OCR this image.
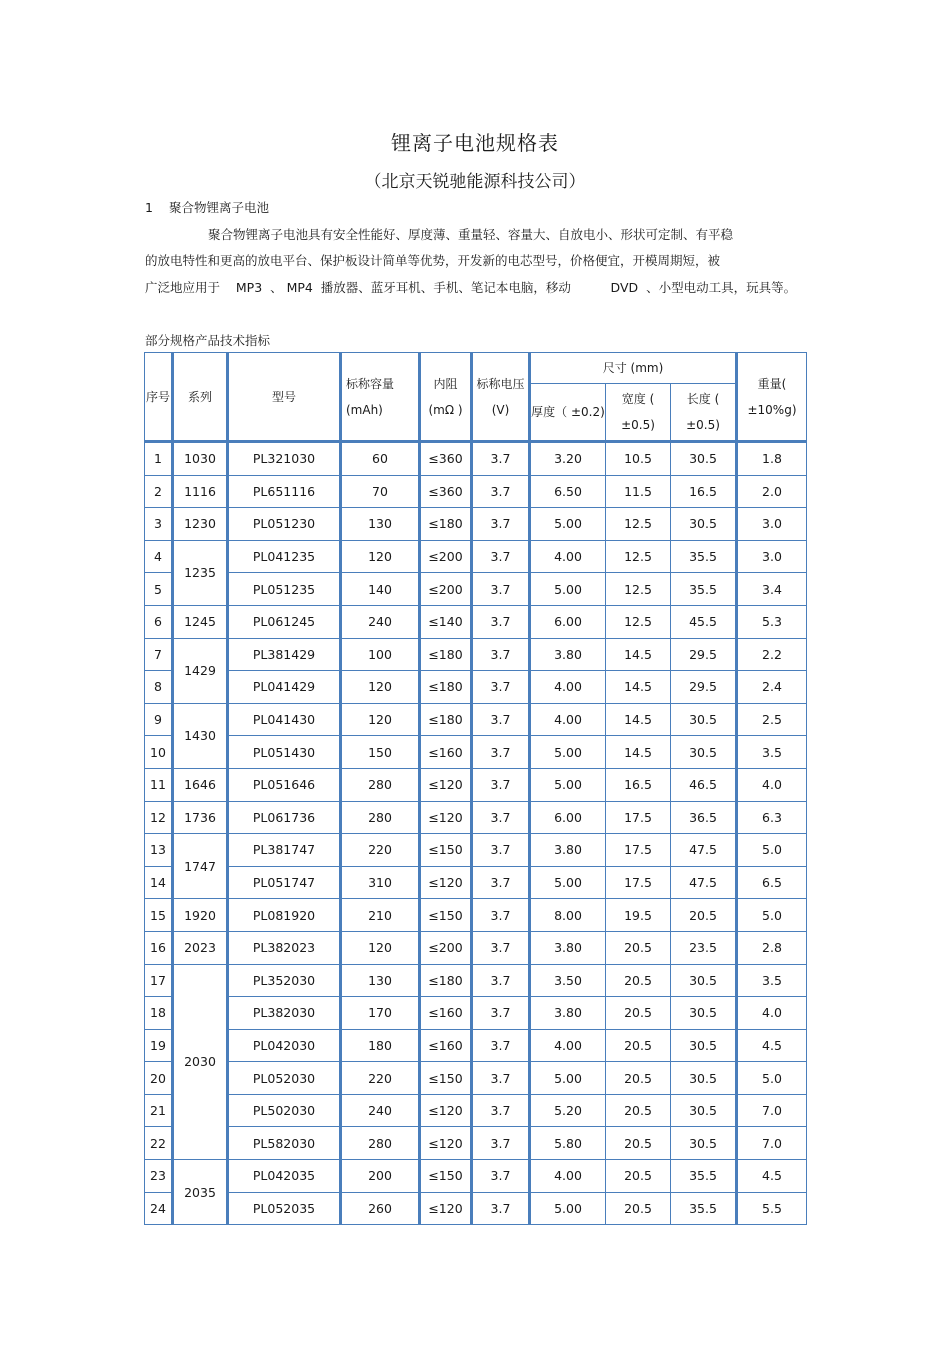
锂离子电池规格表
（北京天锐驰能源科技公司）
1 聚合物锂离子电池
聚合物锂离子电池具有安全性能好、厚度薄、重量轻、容量大、自放电小、形状可定制、有平稳
的放电特性和更高的放电平台、保护板设计简单等优势，开发新的电芯型号，价格便宜，开模周期短，被
广泛地应用于    MP3  、 MP4  播放器、蓝牙耳机、手机、笔记本电脑，移动          DVD  、小型电动工具，玩具等。
部分规格产品技术指标
序号	系列	型号	标称容量(mAh)	内阻(mΩ )	标称电压(V)	尺寸 (mm)			重量( ±10%g)
						厚度（ ±0.2)	宽度 ( ±0.5)	长度 ( ±0.5)	
1	1030	PL321030	60	≤360	3.7	3.20	10.5	30.5	1.8
2	1116	PL651116	70	≤360	3.7	6.50	11.5	16.5	2.0
3	1230	PL051230	130	≤180	3.7	5.00	12.5	30.5	3.0
4	1235	PL041235	120	≤200	3.7	4.00	12.5	35.5	3.0
5		PL051235	140	≤200	3.7	5.00	12.5	35.5	3.4
6	1245	PL061245	240	≤140	3.7	6.00	12.5	45.5	5.3
7	1429	PL381429	100	≤180	3.7	3.80	14.5	29.5	2.2
8		PL041429	120	≤180	3.7	4.00	14.5	29.5	2.4
9	1430	PL041430	120	≤180	3.7	4.00	14.5	30.5	2.5
10		PL051430	150	≤160	3.7	5.00	14.5	30.5	3.5
11	1646	PL051646	280	≤120	3.7	5.00	16.5	46.5	4.0
12	1736	PL061736	280	≤120	3.7	6.00	17.5	36.5	6.3
13	1747	PL381747	220	≤150	3.7	3.80	17.5	47.5	5.0
14		PL051747	310	≤120	3.7	5.00	17.5	47.5	6.5
15	1920	PL081920	210	≤150	3.7	8.00	19.5	20.5	5.0
16	2023	PL382023	120	≤200	3.7	3.80	20.5	23.5	2.8
17	2030	PL352030	130	≤180	3.7	3.50	20.5	30.5	3.5
18		PL382030	170	≤160	3.7	3.80	20.5	30.5	4.0
19		PL042030	180	≤160	3.7	4.00	20.5	30.5	4.5
20		PL052030	220	≤150	3.7	5.00	20.5	30.5	5.0
21		PL502030	240	≤120	3.7	5.20	20.5	30.5	7.0
22		PL582030	280	≤120	3.7	5.80	20.5	30.5	7.0
23	2035	PL042035	200	≤150	3.7	4.00	20.5	35.5	4.5
24		PL052035	260	≤120	3.7	5.00	20.5	35.5	5.5
